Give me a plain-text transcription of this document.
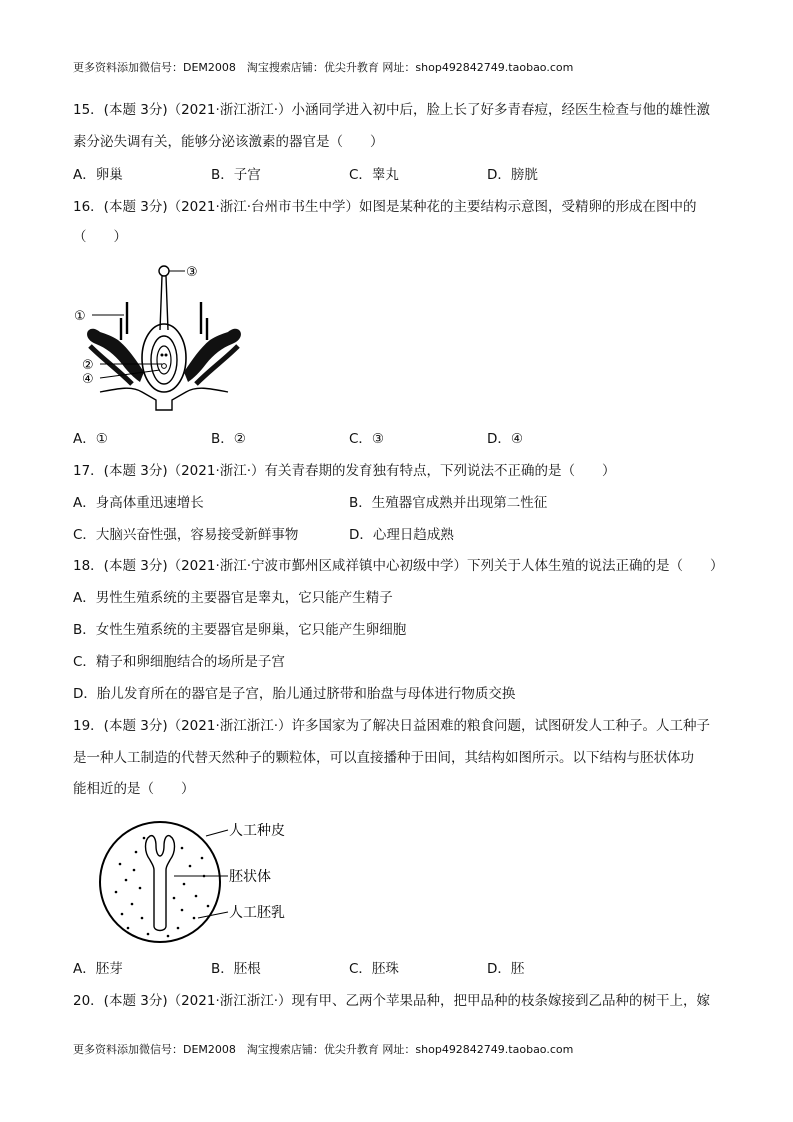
更多资料添加微信号：DEM2008　淘宝搜索店铺：优尖升教育 网址：shop492842749.taobao.com
15．(本题 3分)（2021·浙江浙江·）小涵同学进入初中后，脸上长了好多青春痘，经医生检查与他的雄性激
素分泌失调有关，能够分泌该激素的器官是（　　）
A．卵巢	B．子宫	C．睾丸	D．膀胱
16．(本题 3分)（2021·浙江·台州市书生中学）如图是某种花的主要结构示意图，受精卵的形成在图中的
（　　）
①
③
②
④
A．①	B．②	C．③	D．④
17．(本题 3分)（2021·浙江·）有关青春期的发育独有特点，下列说法不正确的是（　　）
A．身高体重迅速增长	B．生殖器官成熟并出现第二性征
C．大脑兴奋性强，容易接受新鲜事物	D．心理日趋成熟
18．(本题 3分)（2021·浙江·宁波市鄞州区咸祥镇中心初级中学）下列关于人体生殖的说法正确的是（　　）
A．男性生殖系统的主要器官是睾丸，它只能产生精子
B．女性生殖系统的主要器官是卵巢，它只能产生卵细胞
C．精子和卵细胞结合的场所是子宫
D．胎儿发育所在的器官是子宫，胎儿通过脐带和胎盘与母体进行物质交换
19．(本题 3分)（2021·浙江浙江·）许多国家为了解决日益困难的粮食问题，试图研发人工种子。人工种子
是一种人工制造的代替天然种子的颗粒体，可以直接播种于田间，其结构如图所示。以下结构与胚状体功
能相近的是（　　）
人工种皮
胚状体
人工胚乳
A．胚芽	B．胚根	C．胚珠	D．胚
20．(本题 3分)（2021·浙江浙江·）现有甲、乙两个苹果品种，把甲品种的枝条嫁接到乙品种的树干上，嫁
更多资料添加微信号：DEM2008　淘宝搜索店铺：优尖升教育 网址：shop492842749.taobao.com
